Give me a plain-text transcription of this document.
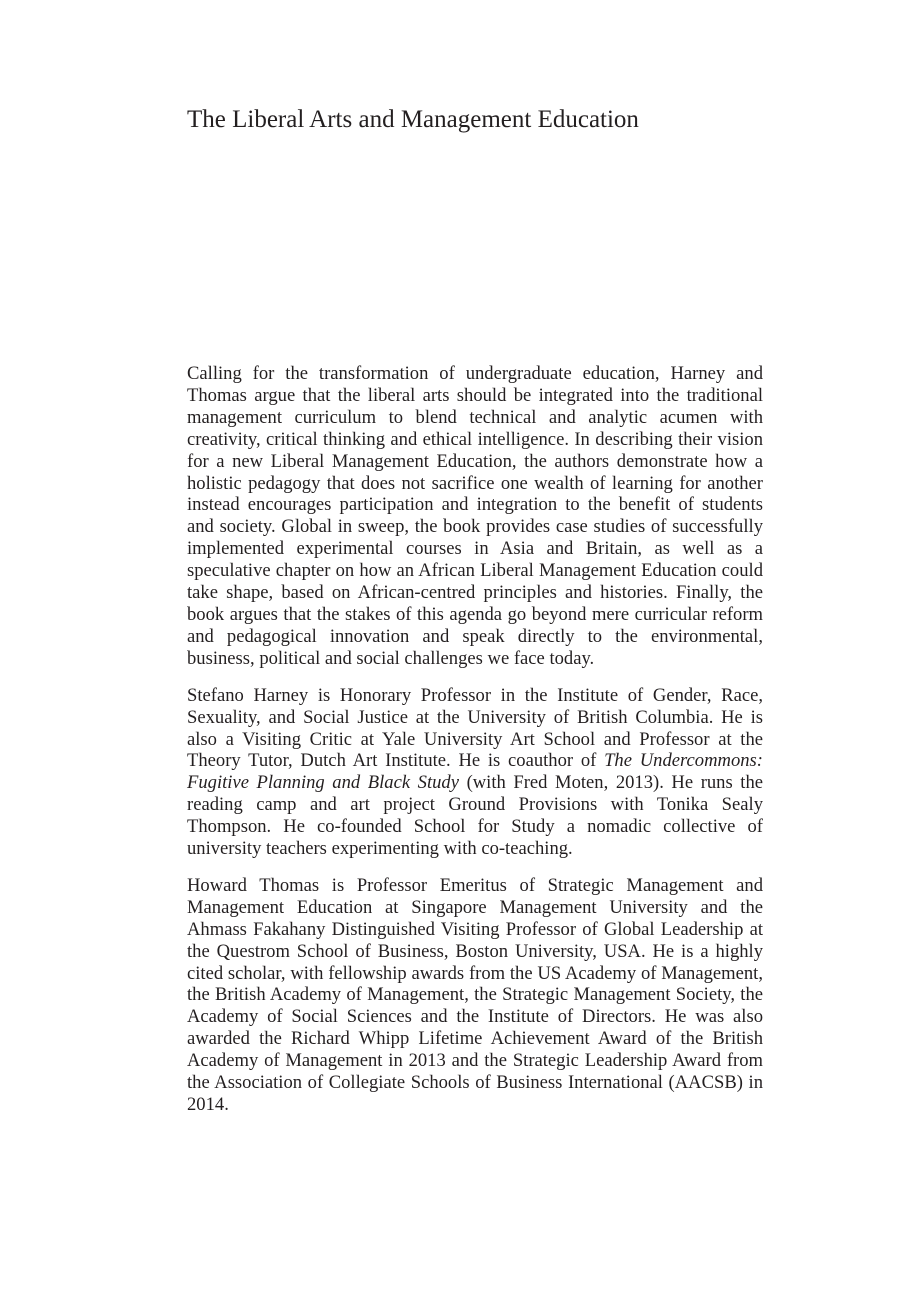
The Liberal Arts and Management Education

Calling for the transformation of undergraduate education, Harney and Thomas argue that the liberal arts should be integrated into the traditional management curriculum to blend technical and analytic acumen with creativity, critical thinking and ethical intelligence. In describing their vision for a new Liberal Management Education, the authors demonstrate how a holistic pedagogy that does not sacrifice one wealth of learning for another instead encourages participation and integration to the benefit of students and society. Global in sweep, the book provides case studies of successfully implemented experimental courses in Asia and Britain, as well as a speculative chapter on how an African Liberal Management Education could take shape, based on African-centred principles and histories. Finally, the book argues that the stakes of this agenda go beyond mere curricular reform and pedagogical innovation and speak directly to the environmental, business, political and social challenges we face today.

Stefano Harney is Honorary Professor in the Institute of Gender, Race, Sexuality, and Social Justice at the University of British Columbia. He is also a Visiting Critic at Yale University Art School and Professor at the Theory Tutor, Dutch Art Institute. He is coauthor of The Undercommons: Fugitive Planning and Black Study (with Fred Moten, 2013). He runs the reading camp and art project Ground Provisions with Tonika Sealy Thompson. He co-founded School for Study a nomadic collective of university teachers experimenting with co-teaching.

Howard Thomas is Professor Emeritus of Strategic Management and Management Education at Singapore Management University and the Ahmass Fakahany Distinguished Visiting Professor of Global Leadership at the Questrom School of Business, Boston University, USA. He is a highly cited scholar, with fellowship awards from the US Academy of Management, the British Academy of Management, the Strategic Management Society, the Academy of Social Sciences and the Institute of Directors. He was also awarded the Richard Whipp Lifetime Achievement Award of the British Academy of Management in 2013 and the Strategic Leadership Award from the Association of Collegiate Schools of Business International (AACSB) in 2014.
